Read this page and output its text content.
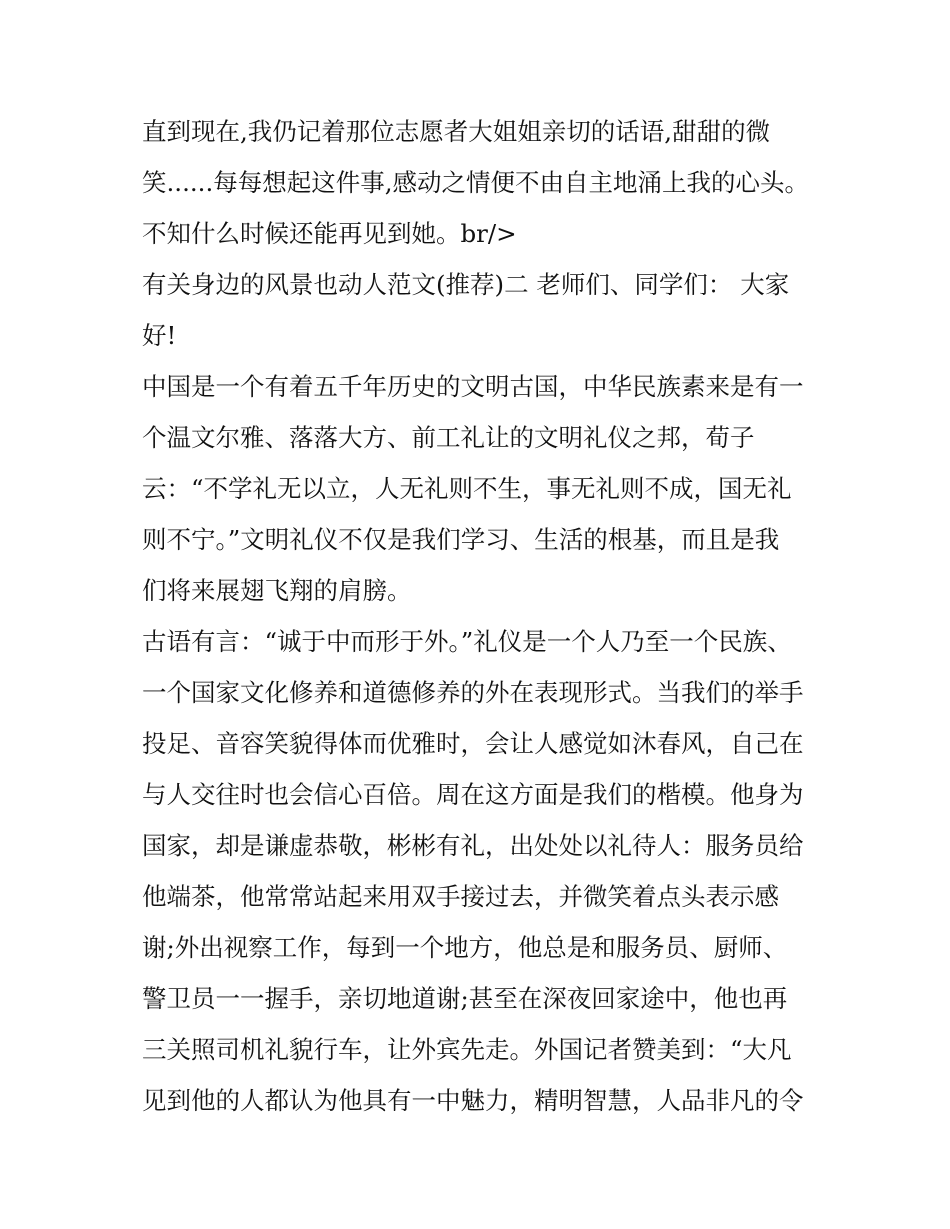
直到现在,我仍记着那位志愿者大姐姐亲切的话语,甜甜的微
笑......每每想起这件事,感动之情便不由自主地涌上我的心头。
不知什么时候还能再见到她。br/>
有关身边的风景也动人范文(推荐)二 老师们、同学们： 大家
好!
中国是一个有着五千年历史的文明古国，中华民族素来是有一
个温文尔雅、落落大方、前工礼让的文明礼仪之邦，荀子
云：“不学礼无以立，人无礼则不生，事无礼则不成，国无礼
则不宁。”文明礼仪不仅是我们学习、生活的根基，而且是我
们将来展翅飞翔的肩膀。
古语有言：“诚于中而形于外。”礼仪是一个人乃至一个民族、
一个国家文化修养和道德修养的外在表现形式。当我们的举手
投足、音容笑貌得体而优雅时，会让人感觉如沐春风，自己在
与人交往时也会信心百倍。周在这方面是我们的楷模。他身为
国家，却是谦虚恭敬，彬彬有礼，出处处以礼待人：服务员给
他端茶，他常常站起来用双手接过去，并微笑着点头表示感
谢;外出视察工作，每到一个地方，他总是和服务员、厨师、
警卫员一一握手，亲切地道谢;甚至在深夜回家途中，他也再
三关照司机礼貌行车，让外宾先走。外国记者赞美到：“大凡
见到他的人都认为他具有一中魅力，精明智慧，人品非凡的令
